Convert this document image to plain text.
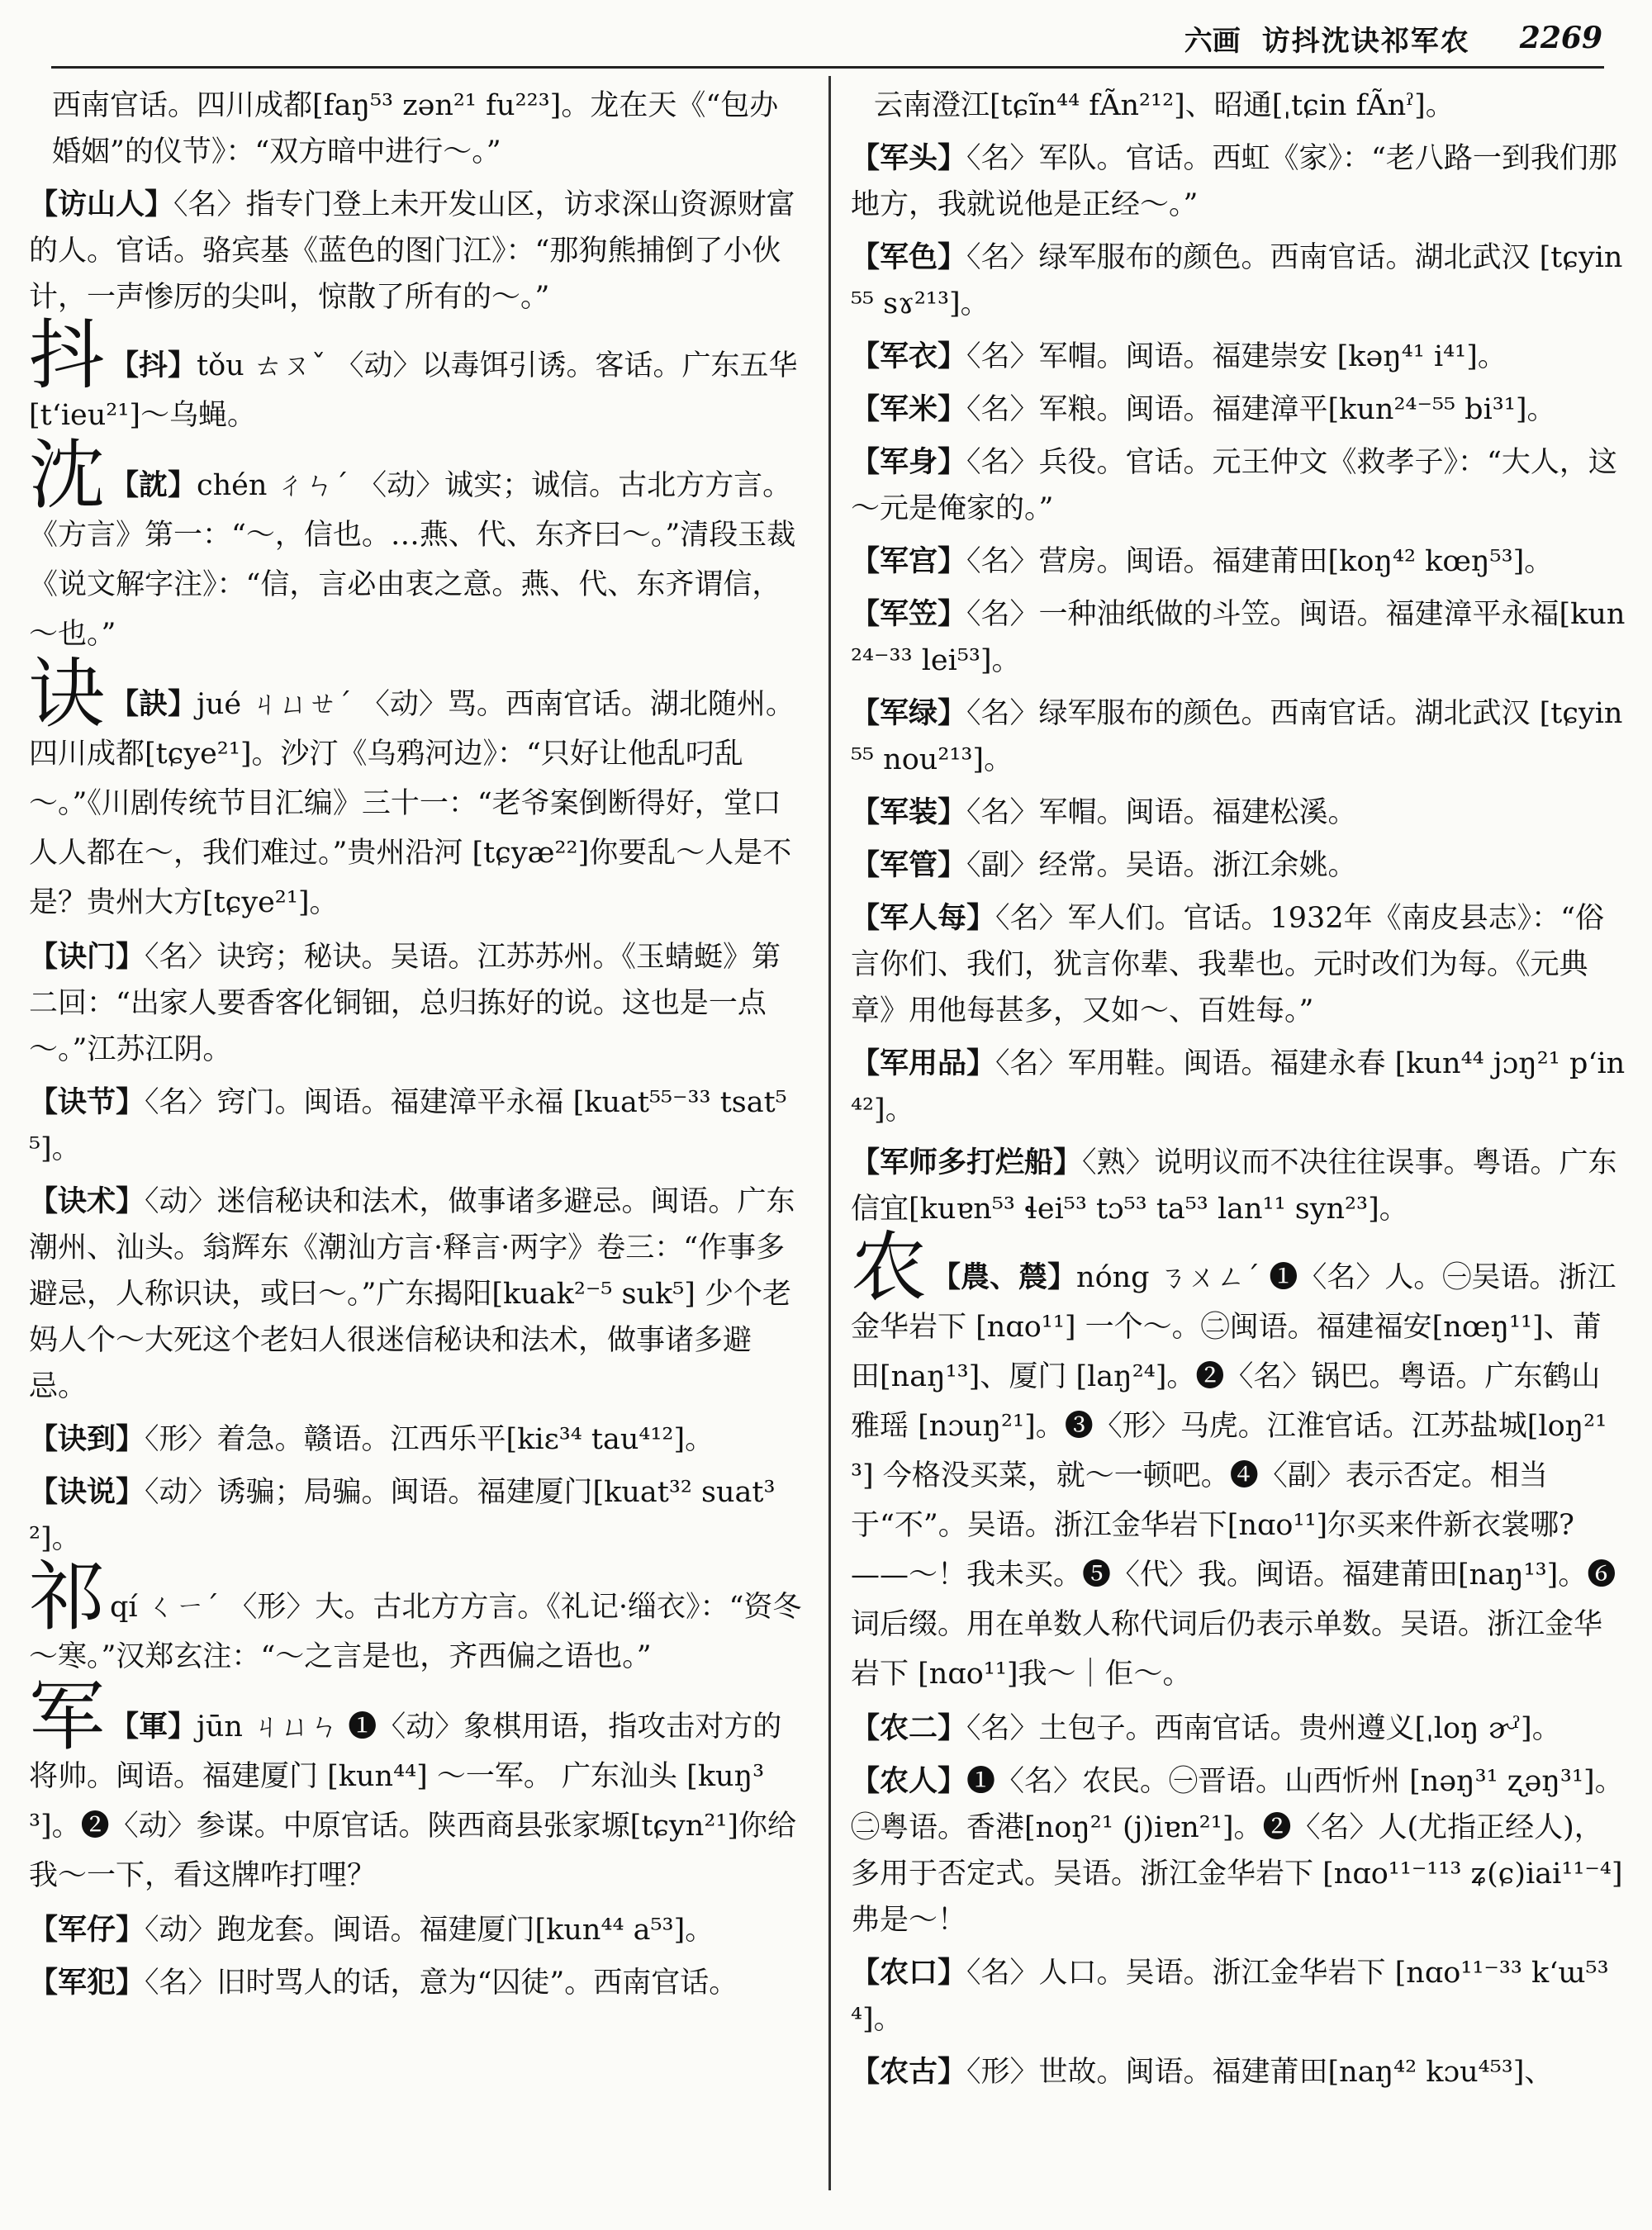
六画 访抖沈诀祁军农 2269

西南官话。四川成都[faŋ⁵³ zən²¹ fu²²³]。龙在天《“包办婚姻”的仪节》：“双方暗中进行～。”

【访山人】〈名〉指专门登上未开发山区，访求深山资源财富的人。官话。骆宾基《蓝色的图门江》：“那狗熊捕倒了小伙计，一声惨厉的尖叫，惊散了所有的～。”

抖 【抖】tǒu ㄊㄡˇ 〈动〉以毒饵引诱。客话。广东五华[t‘ieu²¹]～乌蝇。

沈 【訦】chén ㄔㄣˊ 〈动〉诚实；诚信。古北方方言。《方言》第一：“～，信也。…燕、代、东齐曰～。”清段玉裁《说文解字注》：“信，言必由衷之意。燕、代、东齐谓信，～也。”

诀 【訣】jué ㄐㄩㄝˊ 〈动〉骂。西南官话。湖北随州。四川成都[tɕye²¹]。沙汀《乌鸦河边》：“只好让他乱叼乱～。”《川剧传统节目汇编》三十一：“老爷案倒断得好，堂口人人都在～，我们难过。”贵州沿河 [tɕyæ²²]你要乱～人是不是？贵州大方[tɕye²¹]。

【诀门】〈名〉诀窍；秘诀。吴语。江苏苏州。《玉蜻蜓》第二回：“出家人要香客化铜钿，总归拣好的说。这也是一点～。”江苏江阴。

【诀节】〈名〉窍门。闽语。福建漳平永福 [kuat⁵⁵⁻³³ tsat⁵⁵]。

【诀术】〈动〉迷信秘诀和法术，做事诸多避忌。闽语。广东潮州、汕头。翁辉东《潮汕方言·释言·两字》卷三：“作事多避忌，人称识诀，或曰～。”广东揭阳[kuak²⁻⁵ suk⁵] 少个老妈人个～大死这个老妇人很迷信秘诀和法术，做事诸多避忌。

【诀到】〈形〉着急。赣语。江西乐平[kiɛ³⁴ tau⁴¹²]。

【诀说】〈动〉诱骗；局骗。闽语。福建厦门[kuat³² suat³²]。

祁qí ㄑㄧˊ 〈形〉大。古北方方言。《礼记·缁衣》：“资冬～寒。”汉郑玄注：“～之言是也，齐西偏之语也。”

军 【軍】jūn ㄐㄩㄣ ❶〈动〉象棋用语，指攻击对方的将帅。闽语。福建厦门 [kun⁴⁴] ～一军。 广东汕头 [kuŋ³³]。❷〈动〉参谋。中原官话。陕西商县张家塬[tɕyn²¹]你给我～一下，看这牌咋打哩？

【军仔】〈动〉跑龙套。闽语。福建厦门[kun⁴⁴ a⁵³]。

【军犯】〈名〉旧时骂人的话，意为“囚徒”。西南官话。

云南澄江[tɕĩn⁴⁴ fÃn²¹²]、昭通[ˌtɕin fÃnˀ]。

【军头】〈名〉军队。官话。西虹《家》：“老八路一到我们那地方，我就说他是正经～。”

【军色】〈名〉绿军服布的颜色。西南官话。湖北武汉 [tɕyin⁵⁵ sɤ²¹³]。

【军衣】〈名〉军帽。闽语。福建崇安 [kəŋ⁴¹ i⁴¹]。

【军米】〈名〉军粮。闽语。福建漳平[kun²⁴⁻⁵⁵ bi³¹]。

【军身】〈名〉兵役。官话。元王仲文《救孝子》：“大人，这～元是俺家的。”

【军宫】〈名〉营房。闽语。福建莆田[koŋ⁴² kœŋ⁵³]。

【军笠】〈名〉一种油纸做的斗笠。闽语。福建漳平永福[kun²⁴⁻³³ lei⁵³]。

【军绿】〈名〉绿军服布的颜色。西南官话。湖北武汉 [tɕyin⁵⁵ nou²¹³]。

【军装】〈名〉军帽。闽语。福建松溪。

【军管】〈副〉经常。吴语。浙江余姚。

【军人每】〈名〉军人们。官话。1932年《南皮县志》：“俗言你们、我们，犹言你辈、我辈也。元时改们为每。《元典章》用他每甚多，又如～、百姓每。”

【军用品】〈名〉军用鞋。闽语。福建永春 [kun⁴⁴ jɔŋ²¹ p‘in⁴²]。

【军师多打烂船】〈熟〉说明议而不决往往误事。粤语。广东信宜[kuɐn⁵³ ɬei⁵³ tɔ⁵³ ta⁵³ lan¹¹ syn²³]。

农 【農、辳】nóng ㄋㄨㄥˊ ❶〈名〉人。㊀吴语。浙江金华岩下 [nɑo¹¹] 一个～。㊁闽语。福建福安[nœŋ¹¹]、莆田[naŋ¹³]、厦门 [laŋ²⁴]。❷〈名〉锅巴。粤语。广东鹤山雅瑶 [nɔuŋ²¹]。❸〈形〉马虎。江淮官话。江苏盐城[loŋ²¹³] 今格没买菜，就～一顿吧。❹〈副〉表示否定。相当于“不”。吴语。浙江金华岩下[nɑo¹¹]尔买来件新衣裳哪?——～！我未买。❺〈代〉我。闽语。福建莆田[naŋ¹³]。❻词后缀。用在单数人称代词后仍表示单数。吴语。浙江金华岩下 [nɑo¹¹]我～｜佢～。

【农二】〈名〉土包子。西南官话。贵州遵义[ˌloŋ ɚˀ]。

【农人】❶〈名〉农民。㊀晋语。山西忻州 [nəŋ³¹ ʐəŋ³¹]。㊁粤语。香港[noŋ²¹ (j)iɐn²¹]。❷〈名〉人(尤指正经人)，多用于否定式。吴语。浙江金华岩下 [nɑo¹¹⁻¹¹³ ʑ(ɕ)iai¹¹⁻⁴]弗是～！

【农口】〈名〉人口。吴语。浙江金华岩下 [nɑo¹¹⁻³³ k‘ɯ⁵³⁴]。

【农古】〈形〉世故。闽语。福建莆田[naŋ⁴² kɔu⁴⁵³]、
